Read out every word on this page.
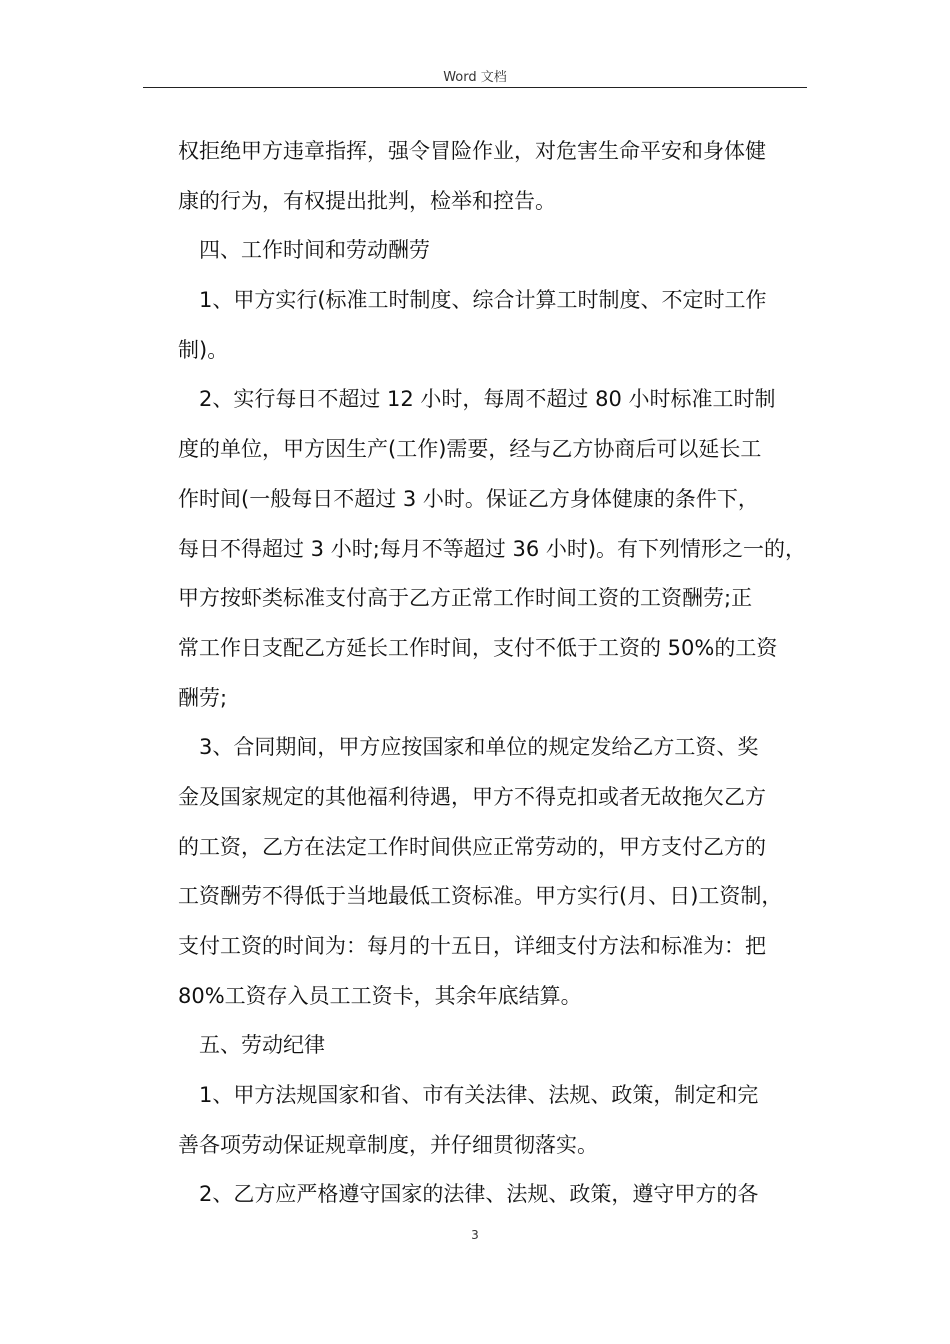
Word 文档
权拒绝甲方违章指挥，强令冒险作业，对危害生命平安和身体健
康的行为，有权提出批判，检举和控告。
四、工作时间和劳动酬劳
1、甲方实行(标准工时制度、综合计算工时制度、不定时工作
制)。
2、实行每日不超过 12 小时，每周不超过 80 小时标准工时制
度的单位，甲方因生产(工作)需要，经与乙方协商后可以延长工
作时间(一般每日不超过 3 小时。保证乙方身体健康的条件下，
每日不得超过 3 小时;每月不等超过 36 小时)。有下列情形之一的，
甲方按虾类标准支付高于乙方正常工作时间工资的工资酬劳;正
常工作日支配乙方延长工作时间，支付不低于工资的 50%的工资
酬劳;
3、合同期间，甲方应按国家和单位的规定发给乙方工资、奖
金及国家规定的其他福利待遇，甲方不得克扣或者无故拖欠乙方
的工资，乙方在法定工作时间供应正常劳动的，甲方支付乙方的
工资酬劳不得低于当地最低工资标准。甲方实行(月、日)工资制，
支付工资的时间为：每月的十五日，详细支付方法和标准为：把
80%工资存入员工工资卡，其余年底结算。
五、劳动纪律
1、甲方法规国家和省、市有关法律、法规、政策，制定和完
善各项劳动保证规章制度，并仔细贯彻落实。
2、乙方应严格遵守国家的法律、法规、政策，遵守甲方的各
3
